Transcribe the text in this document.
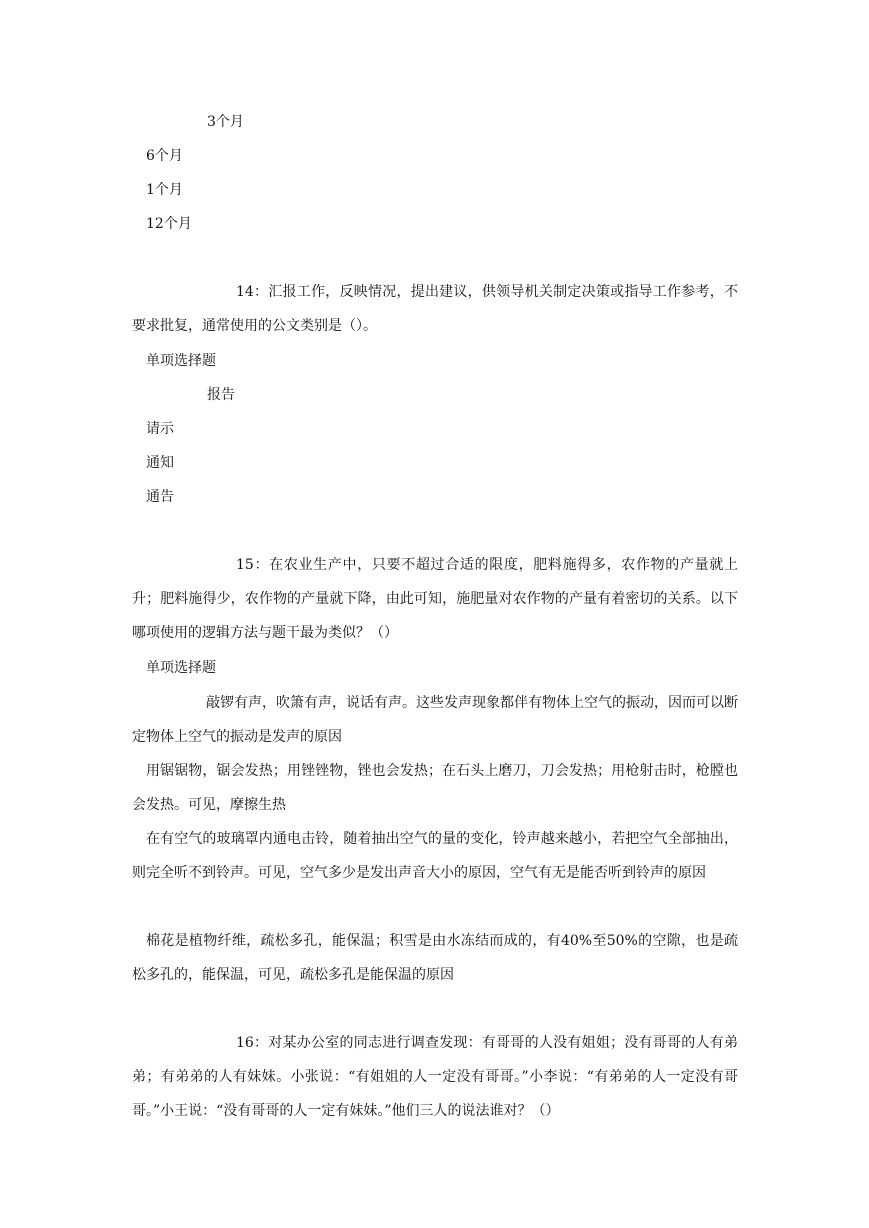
3个月
6个月
1个月
12个月
14：汇报工作，反映情况，提出建议，供领导机关制定决策或指导工作参考，不要求批复，通常使用的公文类别是（）。
单项选择题
报告
请示
通知
通告
15：在农业生产中，只要不超过合适的限度，肥料施得多，农作物的产量就上升；肥料施得少，农作物的产量就下降，由此可知，施肥量对农作物的产量有着密切的关系。以下哪项使用的逻辑方法与题干最为类似？（）
单项选择题
敲锣有声，吹箫有声，说话有声。这些发声现象都伴有物体上空气的振动，因而可以断定物体上空气的振动是发声的原因
用锯锯物，锯会发热；用锉锉物，锉也会发热；在石头上磨刀，刀会发热；用枪射击时，枪膛也会发热。可见，摩擦生热
在有空气的玻璃罩内通电击铃，随着抽出空气的量的变化，铃声越来越小，若把空气全部抽出，则完全听不到铃声。可见，空气多少是发出声音大小的原因，空气有无是能否听到铃声的原因
棉花是植物纤维，疏松多孔，能保温；积雪是由水冻结而成的，有40%至50%的空隙，也是疏松多孔的，能保温，可见，疏松多孔是能保温的原因
16：对某办公室的同志进行调查发现：有哥哥的人没有姐姐；没有哥哥的人有弟弟；有弟弟的人有妹妹。小张说：“有姐姐的人一定没有哥哥。”小李说：“有弟弟的人一定没有哥哥。”小王说：“没有哥哥的人一定有妹妹。”他们三人的说法谁对？（）
